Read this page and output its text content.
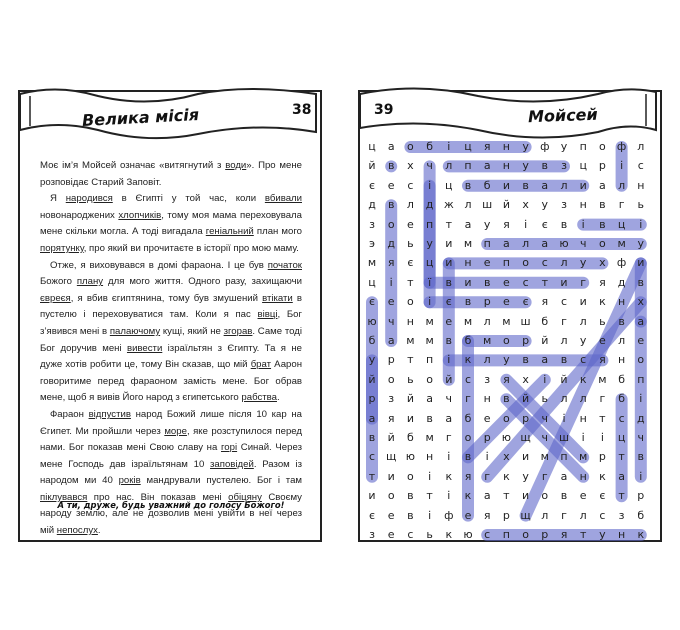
Велика місія	38

Моє ім’я Мойсей означає «витягнутий з води». Про мене розповідає Старий Заповіт.

Я народився в Єгипті у той час, коли вбивали новонароджених хлопчиків, тому моя мама переховувала мене скільки могла. А тоді вигадала геніальний план мого порятунку, про який ви прочитаєте в історії про мою маму.

Отже, я виховувався в домі фараона. І це був початок Божого плану для мого життя. Одного разу, захищаючи євреєя, я вбив єгиптянина, тому був змушений втікати в пустелю і переховуватися там. Коли я пас вівці, Бог з’явився мені в палаючому кущі, який не згорав. Саме тоді Бог доручив мені вивести ізраїльтян з Єгипту. Та я не дуже хотів робити це, тому Він сказав, що мій брат Аарон говоритиме перед фараоном замість мене. Бог обрав мене, щоб я вивів Його народ з єгипетського рабства.

Фараон відпустив народ Божий лише після 10 кар на Єгипет. Ми пройшли через море, яке розступилося перед нами. Бог показав мені Свою славу на горі Синай. Через мене Господь дав ізраїльтянам 10 заповідей. Разом із народом ми 40 років мандрували пустелею. Бог і там піклувався про нас. Він показав мені обіцяну Своєму народу землю, але не дозволив мені увійти в неї через мій непослух.

А ти, друже, будь уважний до голосу Божого!
Мойсей
39
ц	а	о	б	і	ц	я	н	у	ф	у	п	о	ф л
й	в	х	ч	л	п	а	н	у	в	з	ц	р	і	с
є	е	с	і	ц	в	б	и	в	а	л	и	а	л	н
д	в	л	д ж л ш й	х	у	з	н	в	г	ь
з	о	е	п	т	а	у	я	і	є	в	і	в	ц	і
э	д	ь	у	и	м	п	а	л	а	ю	ч	о	м	у
м	я	є	ц	и	н	е	п	о	с	л	у	х	ф и
ц	і	т	ї	в	и	в	е	с	т	и	г	я	д	в
є	е	о	і	є	в	р	е	є	я	с	и	к	н	х
ю	ч	н	м	е	м	л	м ш б	г	л	ь	в	а
б	а	м м	в	б	м	о	р	й	л	у	е	л	е
у	р	т	п	і	к	л	у	в	а	в	с	я	н	о
й	о	ь	о	й	с	з	я	х	і	й	к	м	б	п
р	з	й	а	ч	г	н	в	й	ь	л	л	г	б	і
а	я	и	в	а	б	е	о	р	ч	і	н	т	с	д
в	й	б	м	г	о	р	ю щ ч ш	і	і	ц	ч
с щ ю н	і	в	і	х	и	м	п	м	р	т	в
т	и	о	і	к	я	г	к	у	г	а	н	к	а	і
и	о	в	т	і	к	а	т	и	о	в	е	є	т	р
є	е	в	і	ф	е	я	р щ л	г	л	с	з	б
з	е	с	ь	к	ю	с	п	о	р	я	т	у	н	к
